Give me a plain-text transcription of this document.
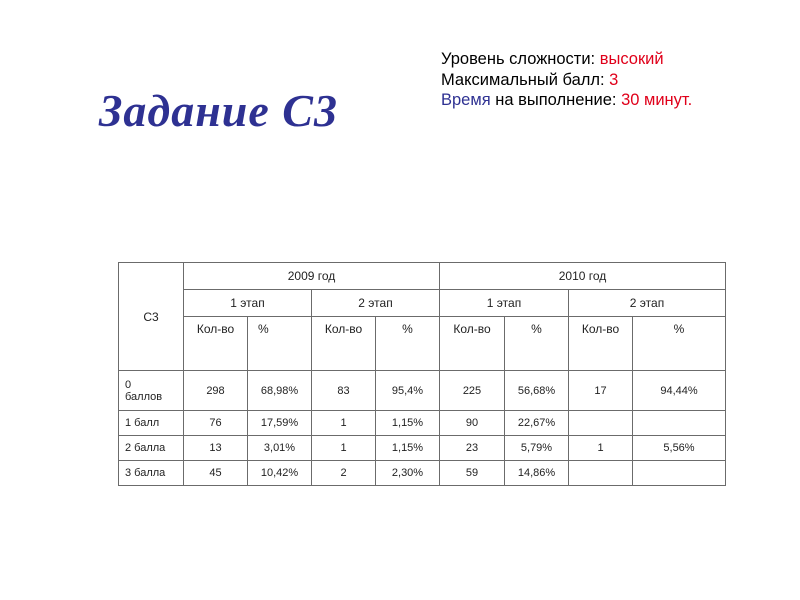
Задание С3
Уровень сложности: высокий
Максимальный балл: 3
Время на выполнение: 30 минут.
С3	2009 год				2010 год			
	1 этап		2 этап		1 этап		2 этап	
	Кол-во	%	Кол-во	%	Кол-во	%	Кол-во	%
0
баллов	298	68,98%	83	95,4%	225	56,68%	17	94,44%
1 балл	76	17,59%	1	1,15%	90	22,67%		
2 балла	13	3,01%	1	1,15%	23	5,79%	1	5,56%
3 балла	45	10,42%	2	2,30%	59	14,86%		
